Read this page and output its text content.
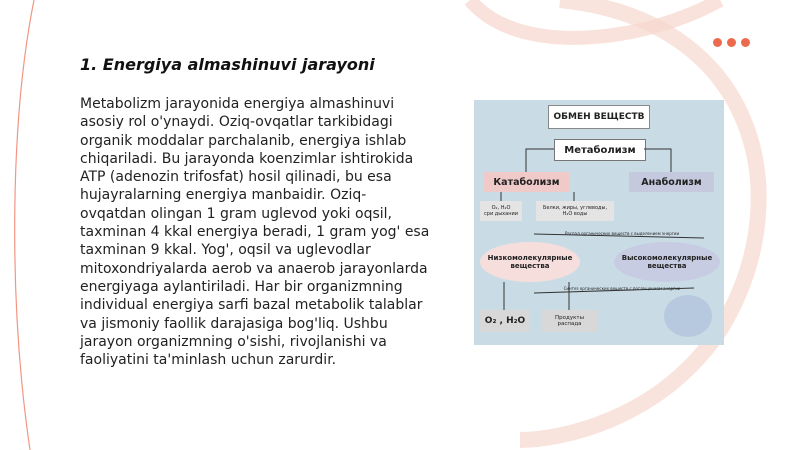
1. Energiya almashinuvi jarayoni

Metabolizm jarayonida energiya almashinuvi asosiy rol o'ynaydi. Oziq-ovqatlar tarkibidagi organik moddalar parchalanib, energiya ishlab chiqariladi. Bu jarayonda koenzimlar ishtirokida ATP (adenozin trifosfat) hosil qilinadi, bu esa hujayralarning energiya manbaidir. Oziq-ovqatdan olingan 1 gram uglevod yoki oqsil, taxminan 4 kkal energiya beradi, 1 gram yog' esa taxminan 9 kkal. Yog', oqsil va uglevodlar mitoxondriyalarda aerob va anaerob jarayonlarda energiyaga aylantiriladi. Har bir organizmning individual energiya sarfi bazal metabolik talablar va jismoniy faollik darajasiga bog'liq. Ushbu jarayon organizmning o'sishi, rivojlanishi va faoliyatini ta'minlash uchun zarurdir.

ОБМЕН ВЕЩЕСТВ
Метаболизм
Катаболизм	Анаболизм
O₂, H₂O
сри дыхании
Белки, жиры, углеводы,
H₂O воды
Распад органических веществ с выделением энергии
Низкомолекулярные
вещества
Высокомолекулярные
вещества
Синтез органических веществ с поглощением энергии
O₂ , H₂O	Продукты
распада
